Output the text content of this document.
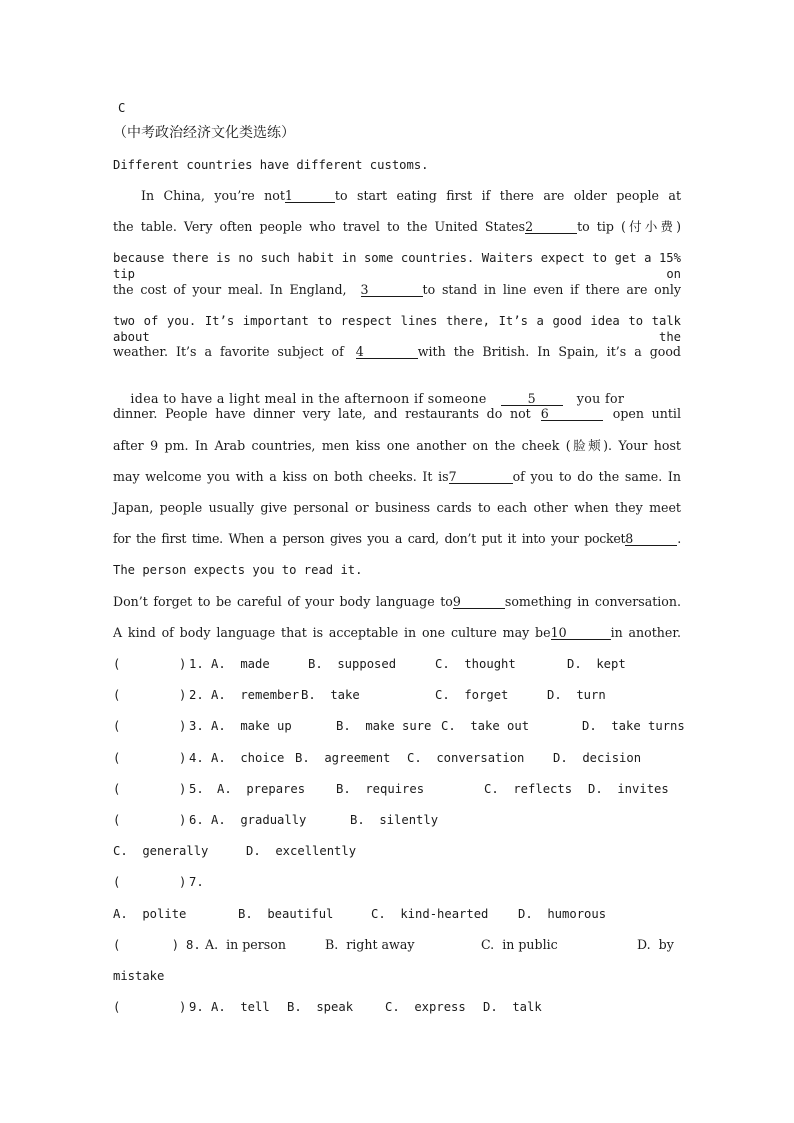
C
（中考政治经济文化类选练）
Different countries have different customs.
In China, you’re not1	to start eating first if there are older people at
the table. Very often people who travel to the United States2	to tip (付小费)
because there is no such habit in some countries. Waiters expect to get a 15% tip on
the cost of your meal. In England, 3	to stand in line even if there are only
two of you. It’s important to respect lines there, It’s a good idea to talk about the
weather. It’s a favorite subject of 4	with the British. In Spain, it’s a good

idea to have a light meal in the afternoon if someone	5	you for

dinner. People have dinner very late, and restaurants do not 6	open until
after 9 pm. In Arab countries, men kiss one another on the cheek (脸颊). Your host
may welcome you with a kiss on both cheeks. It is7	of you to do the same. In
Japan, people usually give personal or business cards to each other when they meet
for the first time. When a person gives you a card, don’t put it into your pocket8	.
The person expects you to read it.
Don’t forget to be careful of your body language to9	something in conversation.
A kind of body language that is acceptable in one culture may be10	in another.
(        ) 1. A.  made	B.  supposed	C.  thought	D.  kept
(        ) 2. A.  remember B.  take	C.  forget	D.  turn
(        ) 3. A.  make up	B.  make sure C.  take out	D.  take turns
(        ) 4. A.  choice B.  agreement C.  conversation D.  decision
(        ) 5. A.  prepares	B.  requires	C.  reflects D.  invites
(        ) 6. A.  gradually	B.  silently
C.  generally	D.  excellently
(        ) 7.
A.  polite	B.  beautiful	C.  kind-hearted D.  humorous
(       ) 8. A.  in person	B.  right away	C.  in public	D.  by
mistake
(        ) 9. A.  tell B.  speak	C.  express D.  talk
